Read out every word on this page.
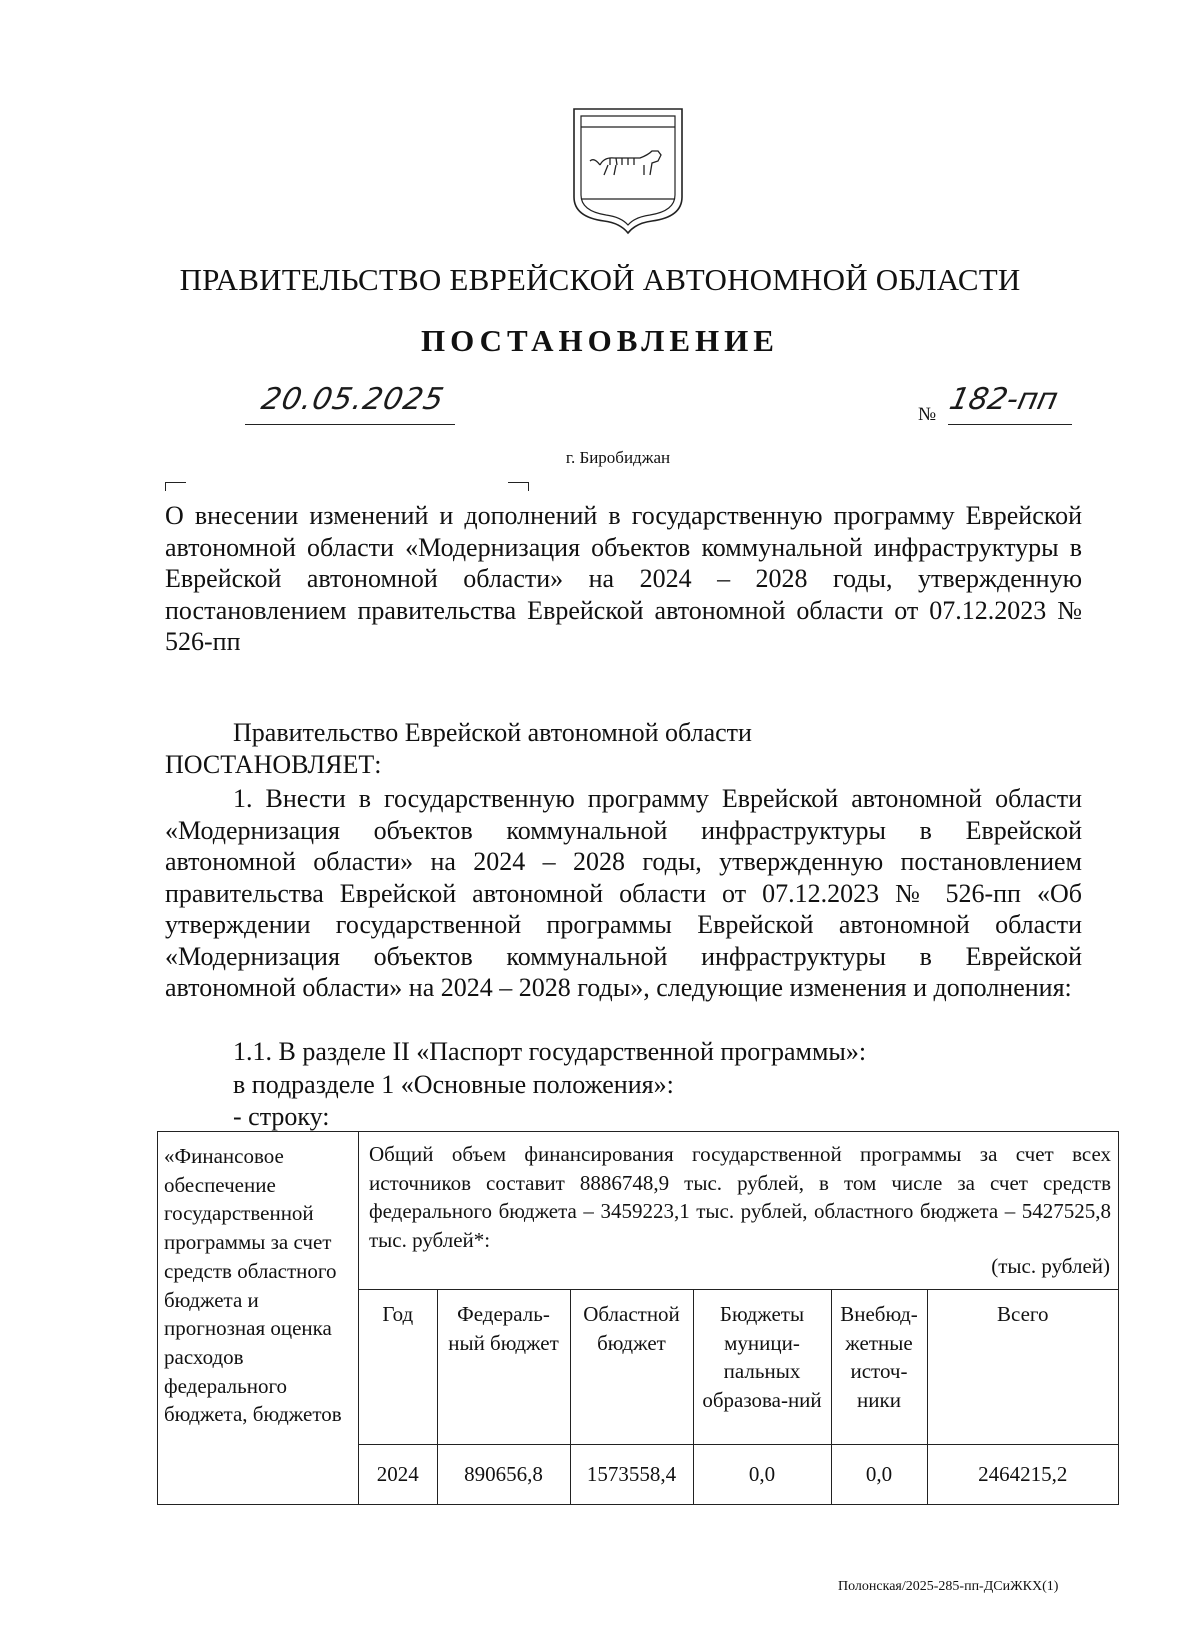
ПРАВИТЕЛЬСТВО ЕВРЕЙСКОЙ АВТОНОМНОЙ ОБЛАСТИ
ПОСТАНОВЛЕНИЕ
20.05.2025	№ 182-пп
г. Биробиджан
О внесении изменений и дополнений в государственную программу Еврейской автономной области «Модернизация объектов коммунальной инфраструктуры в Еврейской автономной области» на 2024 – 2028 годы, утвержденную постановлением правительства Еврейской автономной области от 07.12.2023 № 526-пп
Правительство Еврейской автономной области
ПОСТАНОВЛЯЕТ:
1. Внести в государственную программу Еврейской автономной области «Модернизация объектов коммунальной инфраструктуры в Еврейской автономной области» на 2024 – 2028 годы, утвержденную постановлением правительства Еврейской автономной области от 07.12.2023 № 526-пп «Об утверждении государственной программы Еврейской автономной области «Модернизация объектов коммунальной инфраструктуры в Еврейской автономной области» на 2024 – 2028 годы», следующие изменения и дополнения:
1.1. В разделе II «Паспорт государственной программы»:
в подразделе 1 «Основные положения»:
- строку:
«Финансовое обеспечение государственной программы за счет средств областного бюджета и прогнозная оценка расходов федерального бюджета, бюджетов
Общий объем финансирования государственной программы за счет всех источников составит 8886748,9 тыс. рублей, в том числе за счет средств федерального бюджета – 3459223,1 тыс. рублей, областного бюджета – 5427525,8 тыс. рублей*:
(тыс. рублей)
Год	Федераль-ный бюджет	Областной бюджет	Бюджеты муници-пальных образова-ний	Внебюд-жетные источ-ники	Всего
2024	890656,8	1573558,4	0,0	0,0	2464215,2
Полонская/2025-285-пп-ДСиЖКХ(1)
